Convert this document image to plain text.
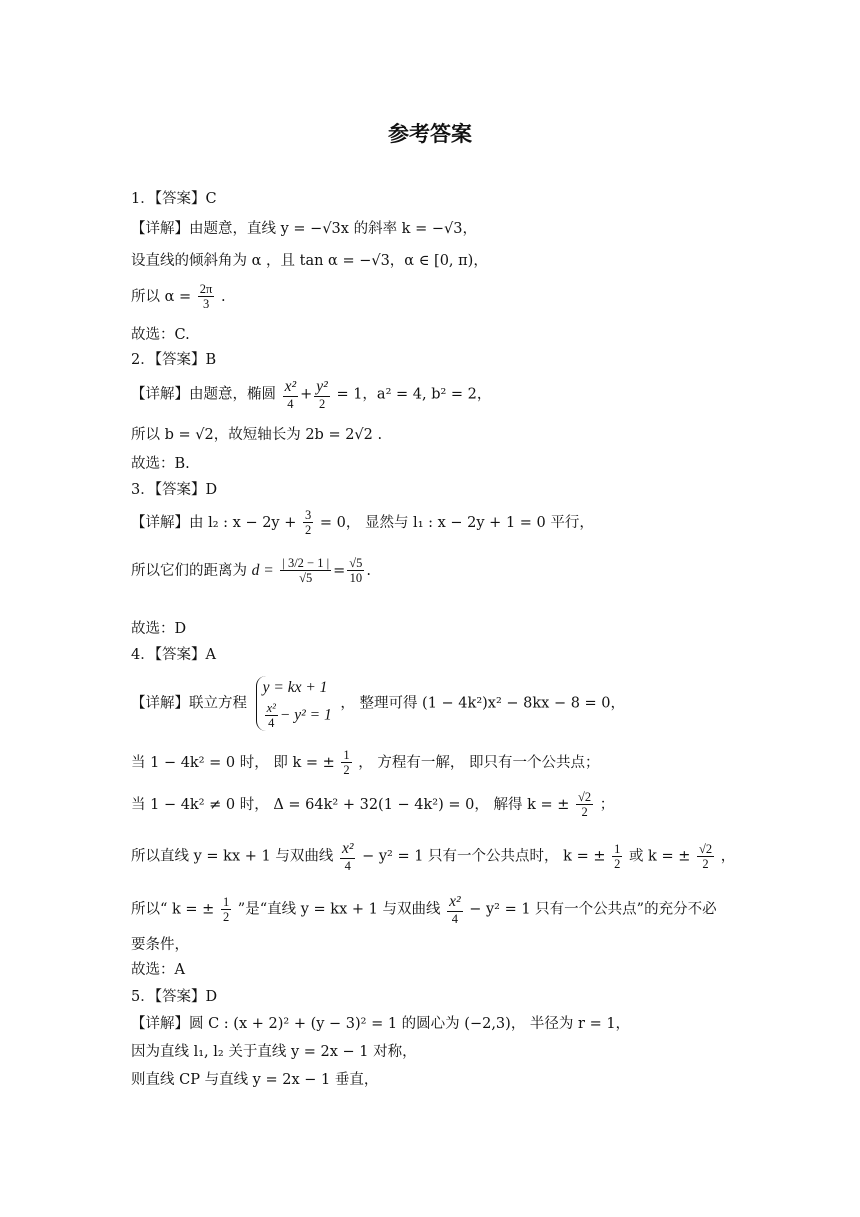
参考答案
1．【答案】C
【详解】由题意，直线 y = −√3x 的斜率 k = −√3，
设直线的倾斜角为 α ，且 tan α = −√3，α ∈ [0, π)，
所以 $\alpha = \frac{2\pi}{3}$ .
故选：C.
2．【答案】B
【详解】由题意，椭圆 $\frac{\text{x²}}{4} + \frac{\text{y²}}{2} = 1$，a² = 4, b² = 2，
所以 b = √2，故短轴长为 2b = 2√2 .
故选：B.
3．【答案】D
【详解】由 l₂ : $x - 2y + \frac{3}{2} = 0$， 显然与 l₁ : x − 2y + 1 = 0 平行，
所以它们的距离为 $d = \frac{| 3/2 - 1 |}{√5} = \frac{√5}{10}$ .
故选：D
4．【答案】A
【详解】联立方程
y = kx + 1
$\frac{\text{x²}}{4} - y^2 = 1$
， 整理可得 (1 − 4k²)x² − 8kx − 8 = 0，
当 1 − 4k² = 0 时， 即 k = ± $\frac{1}{2}$ ， 方程有一解， 即只有一个公共点；
当 1 − 4k² ≠ 0 时， Δ = 64k² + 32(1 − 4k²) = 0， 解得 k = ± $\frac{√2}{2}$ ；
所以直线 y = kx + 1 与双曲线 $\frac{\text{x²}}{4} - y^2 = 1$ 只有一个公共点时， k = ± $\frac{1}{2}$ 或 k = ± $\frac{√2}{2}$ ，
所以“ k = ± $\frac{1}{2}$ ”是“直线 y = kx + 1 与双曲线 $\frac{\text{x²}}{4} - y^2 = 1$ 只有一个公共点”的充分不必
要条件，
故选：A
5．【答案】D
【详解】圆 C : (x + 2)² + (y − 3)² = 1 的圆心为 (−2,3)， 半径为 r = 1，
因为直线 l₁, l₂ 关于直线 y = 2x − 1 对称，
则直线 CP 与直线 y = 2x − 1 垂直，
